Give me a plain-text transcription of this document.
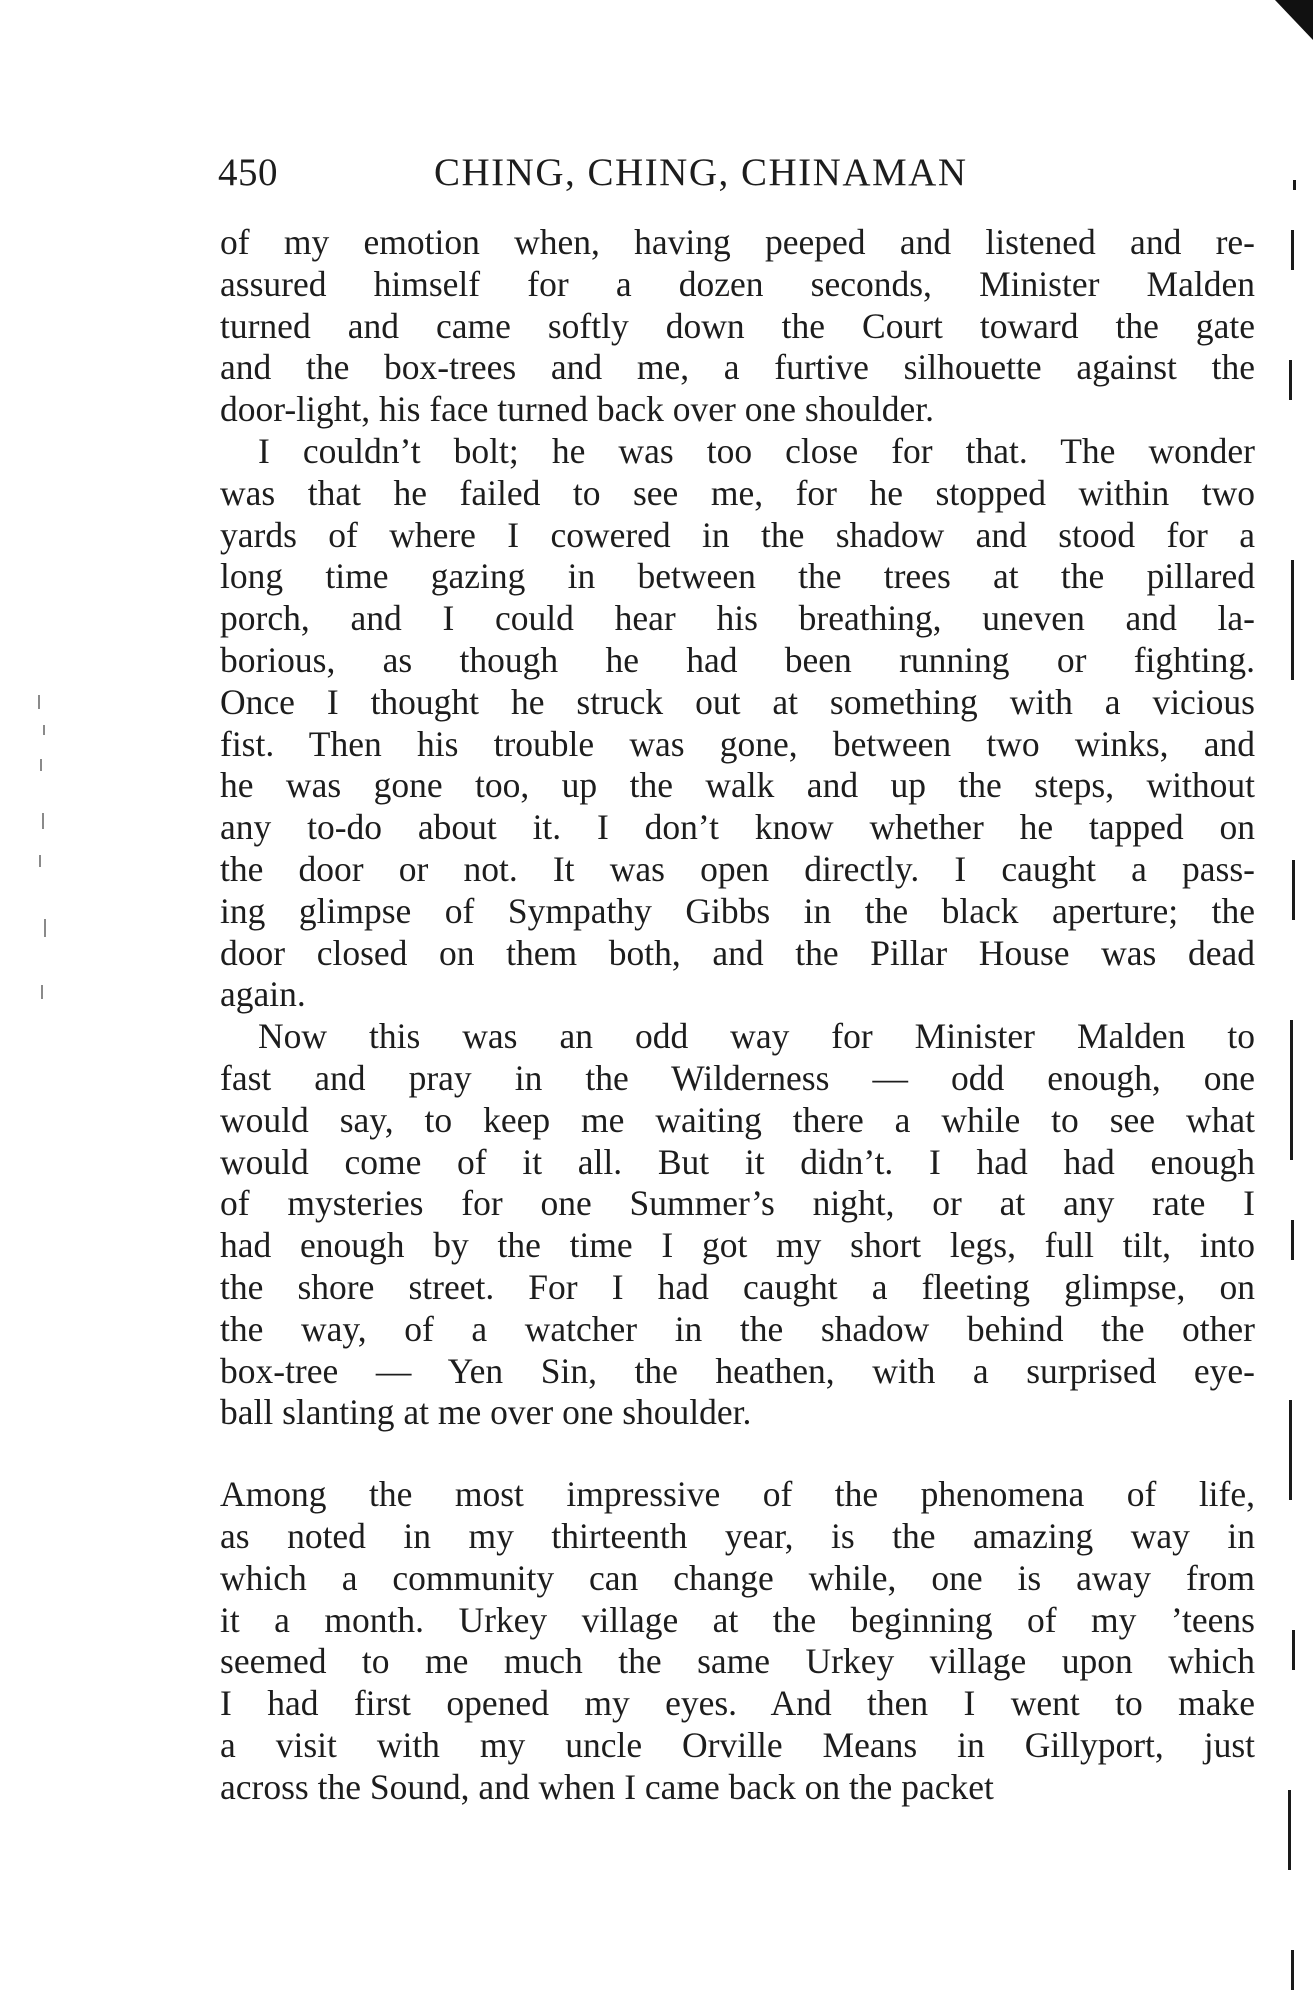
450	CHING, CHING, CHINAMAN
of my emotion when, having peeped and listened and re-
assured himself for a dozen seconds, Minister Malden
turned and came softly down the Court toward the gate
and the box-trees and me, a furtive silhouette against the
door-light, his face turned back over one shoulder.
I couldn’t bolt; he was too close for that. The wonder
was that he failed to see me, for he stopped within two
yards of where I cowered in the shadow and stood for a
long time gazing in between the trees at the pillared
porch, and I could hear his breathing, uneven and la-
borious, as though he had been running or fighting.
Once I thought he struck out at something with a vicious
fist. Then his trouble was gone, between two winks, and
he was gone too, up the walk and up the steps, without
any to-do about it. I don’t know whether he tapped on
the door or not. It was open directly. I caught a pass-
ing glimpse of Sympathy Gibbs in the black aperture; the
door closed on them both, and the Pillar House was dead
again.
Now this was an odd way for Minister Malden to
fast and pray in the Wilderness — odd enough, one
would say, to keep me waiting there a while to see what
would come of it all. But it didn’t. I had had enough
of mysteries for one Summer’s night, or at any rate I
had enough by the time I got my short legs, full tilt, into
the shore street. For I had caught a fleeting glimpse, on
the way, of a watcher in the shadow behind the other
box-tree — Yen Sin, the heathen, with a surprised eye-
ball slanting at me over one shoulder.
Among the most impressive of the phenomena of life,
as noted in my thirteenth year, is the amazing way in
which a community can change while, one is away from
it a month. Urkey village at the beginning of my ’teens
seemed to me much the same Urkey village upon which
I had first opened my eyes. And then I went to make
a visit with my uncle Orville Means in Gillyport, just
across the Sound, and when I came back on the packet
